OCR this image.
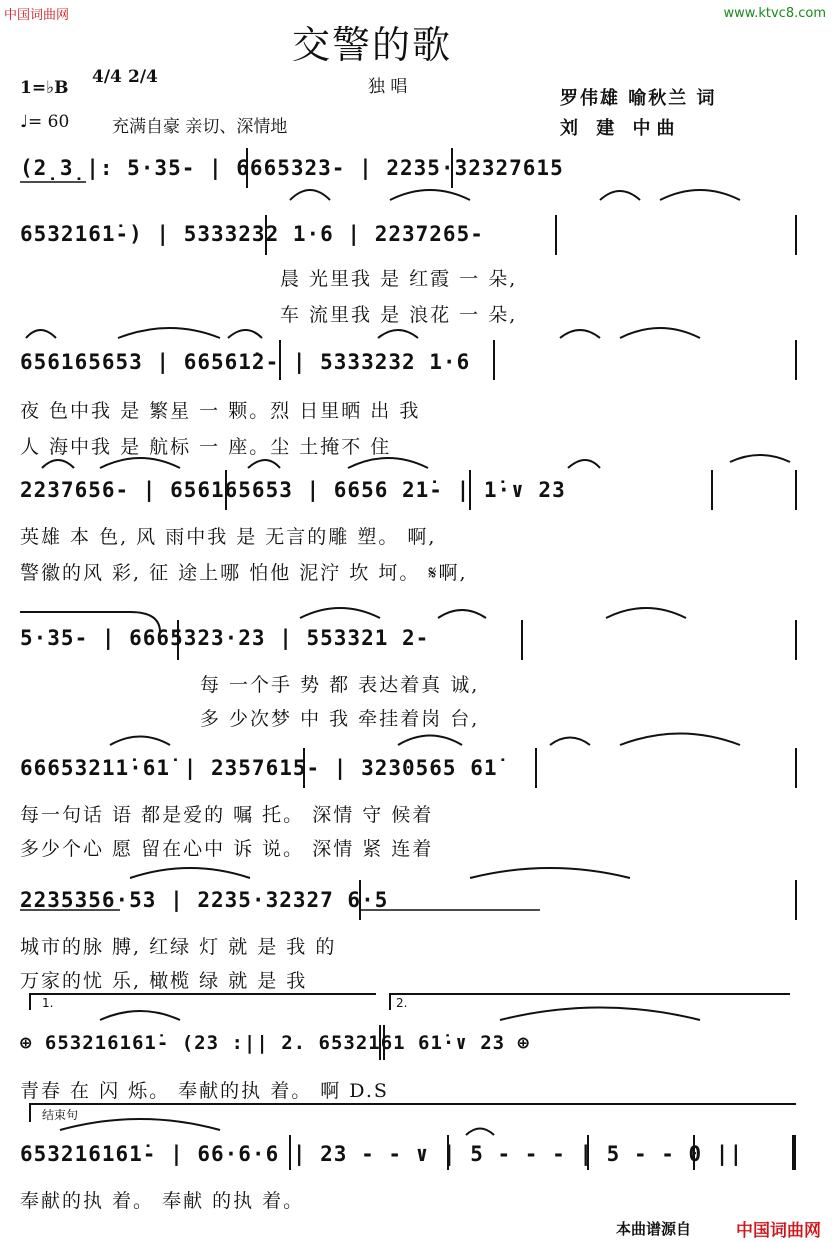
中国词曲网	www.ktvc8.com
交警的歌
1=♭B
4/4 2/4	独 唱
♩= 60	充满自豪 亲切、深情地
罗伟雄 喻秋兰 词
刘 建 中曲
(2̣3̣|: 5·35- | 6665323- | 2235·32327615
6532161̇-) | 5333232 1·6 | 2237265-
晨 光里我 是 红霞 一 朵,
车 流里我 是 浪花 一 朵,
656165653 | 66561̇2- | 5333232 1·6
夜 色中我 是 繁星 一 颗。烈 日里晒 出 我
人 海中我 是 航标 一 座。尘 土掩不 住
2237656- | 656165653 | 6656 21̇- | 1̇·∨ 23
英雄 本 色, 风 雨中我 是 无言的雕 塑。 啊,
警徽的风 彩, 征 途上哪 怕他 泥泞 坎 坷。 𝄋啊,
5·35- | 6665323·23 | 553321 2-
每 一个手 势 都 表达着真 诚,
多 少次梦 中 我 牵挂着岗 台,
66653211̇·61̇ | 2357615- | 3230565 61̇
每一句话 语 都是爱的 嘱 托。 深情 守 候着
多少个心 愿 留在心中 诉 说。 深情 紧 连着
2235356·53 | 2235·32327 6·5
城市的脉 膊, 红绿 灯 就 是 我 的
万家的忧 乐, 橄榄 绿 就 是 我
1.	2.
⊕ 653216161̇- (23 :|| 2. 6532161 61̇·∨ 23 ⊕
青春 在 闪 烁。 奉献的执 着。 啊 D.S
结束句
653216161̇- | 66·6·6 | 23 - - ∨ | 5 - - - | 5 - - 0 ||
奉献的执 着。 奉献 的执 着。
本曲谱源自	中国词曲网
